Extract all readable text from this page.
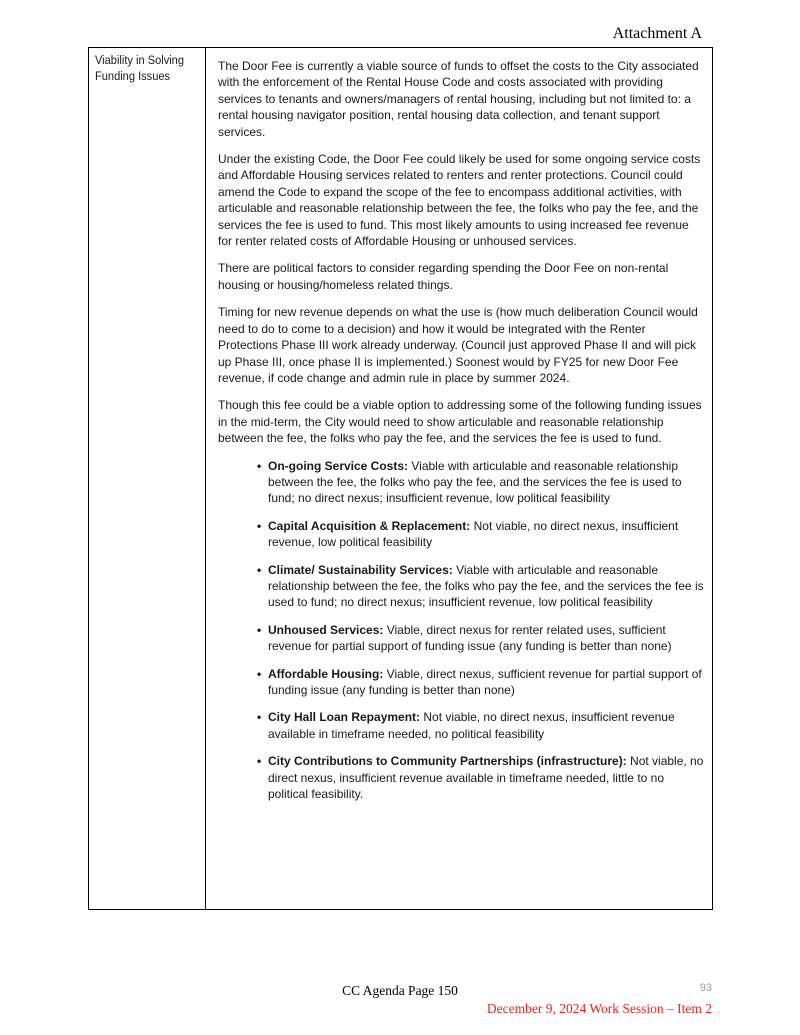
Attachment A
Viability in Solving
Funding Issues

The Door Fee is currently a viable source of funds to offset the costs to the City associated with the enforcement of the Rental House Code and costs associated with providing services to tenants and owners/managers of rental housing, including but not limited to: a rental housing navigator position, rental housing data collection, and tenant support services.

Under the existing Code, the Door Fee could likely be used for some ongoing service costs and Affordable Housing services related to renters and renter protections. Council could amend the Code to expand the scope of the fee to encompass additional activities, with articulable and reasonable relationship between the fee, the folks who pay the fee, and the services the fee is used to fund. This most likely amounts to using increased fee revenue for renter related costs of Affordable Housing or unhoused services.

There are political factors to consider regarding spending the Door Fee on non-rental housing or housing/homeless related things.

Timing for new revenue depends on what the use is (how much deliberation Council would need to do to come to a decision) and how it would be integrated with the Renter Protections Phase III work already underway. (Council just approved Phase II and will pick up Phase III, once phase II is implemented.) Soonest would by FY25 for new Door Fee revenue, if code change and admin rule in place by summer 2024.

Though this fee could be a viable option to addressing some of the following funding issues in the mid-term, the City would need to show articulable and reasonable relationship between the fee, the folks who pay the fee, and the services the fee is used to fund.

• On-going Service Costs: Viable with articulable and reasonable relationship between the fee, the folks who pay the fee, and the services the fee is used to fund; no direct nexus; insufficient revenue, low political feasibility
• Capital Acquisition & Replacement: Not viable, no direct nexus, insufficient revenue, low political feasibility
• Climate/ Sustainability Services: Viable with articulable and reasonable relationship between the fee, the folks who pay the fee, and the services the fee is used to fund; no direct nexus; insufficient revenue, low political feasibility
• Unhoused Services: Viable, direct nexus for renter related uses, sufficient revenue for partial support of funding issue (any funding is better than none)
• Affordable Housing: Viable, direct nexus, sufficient revenue for partial support of funding issue (any funding is better than none)
• City Hall Loan Repayment: Not viable, no direct nexus, insufficient revenue available in timeframe needed, no political feasibility
• City Contributions to Community Partnerships (infrastructure): Not viable, no direct nexus, insufficient revenue available in timeframe needed, little to no political feasibility.
CC Agenda Page 150	93
December 9, 2024 Work Session – Item 2
